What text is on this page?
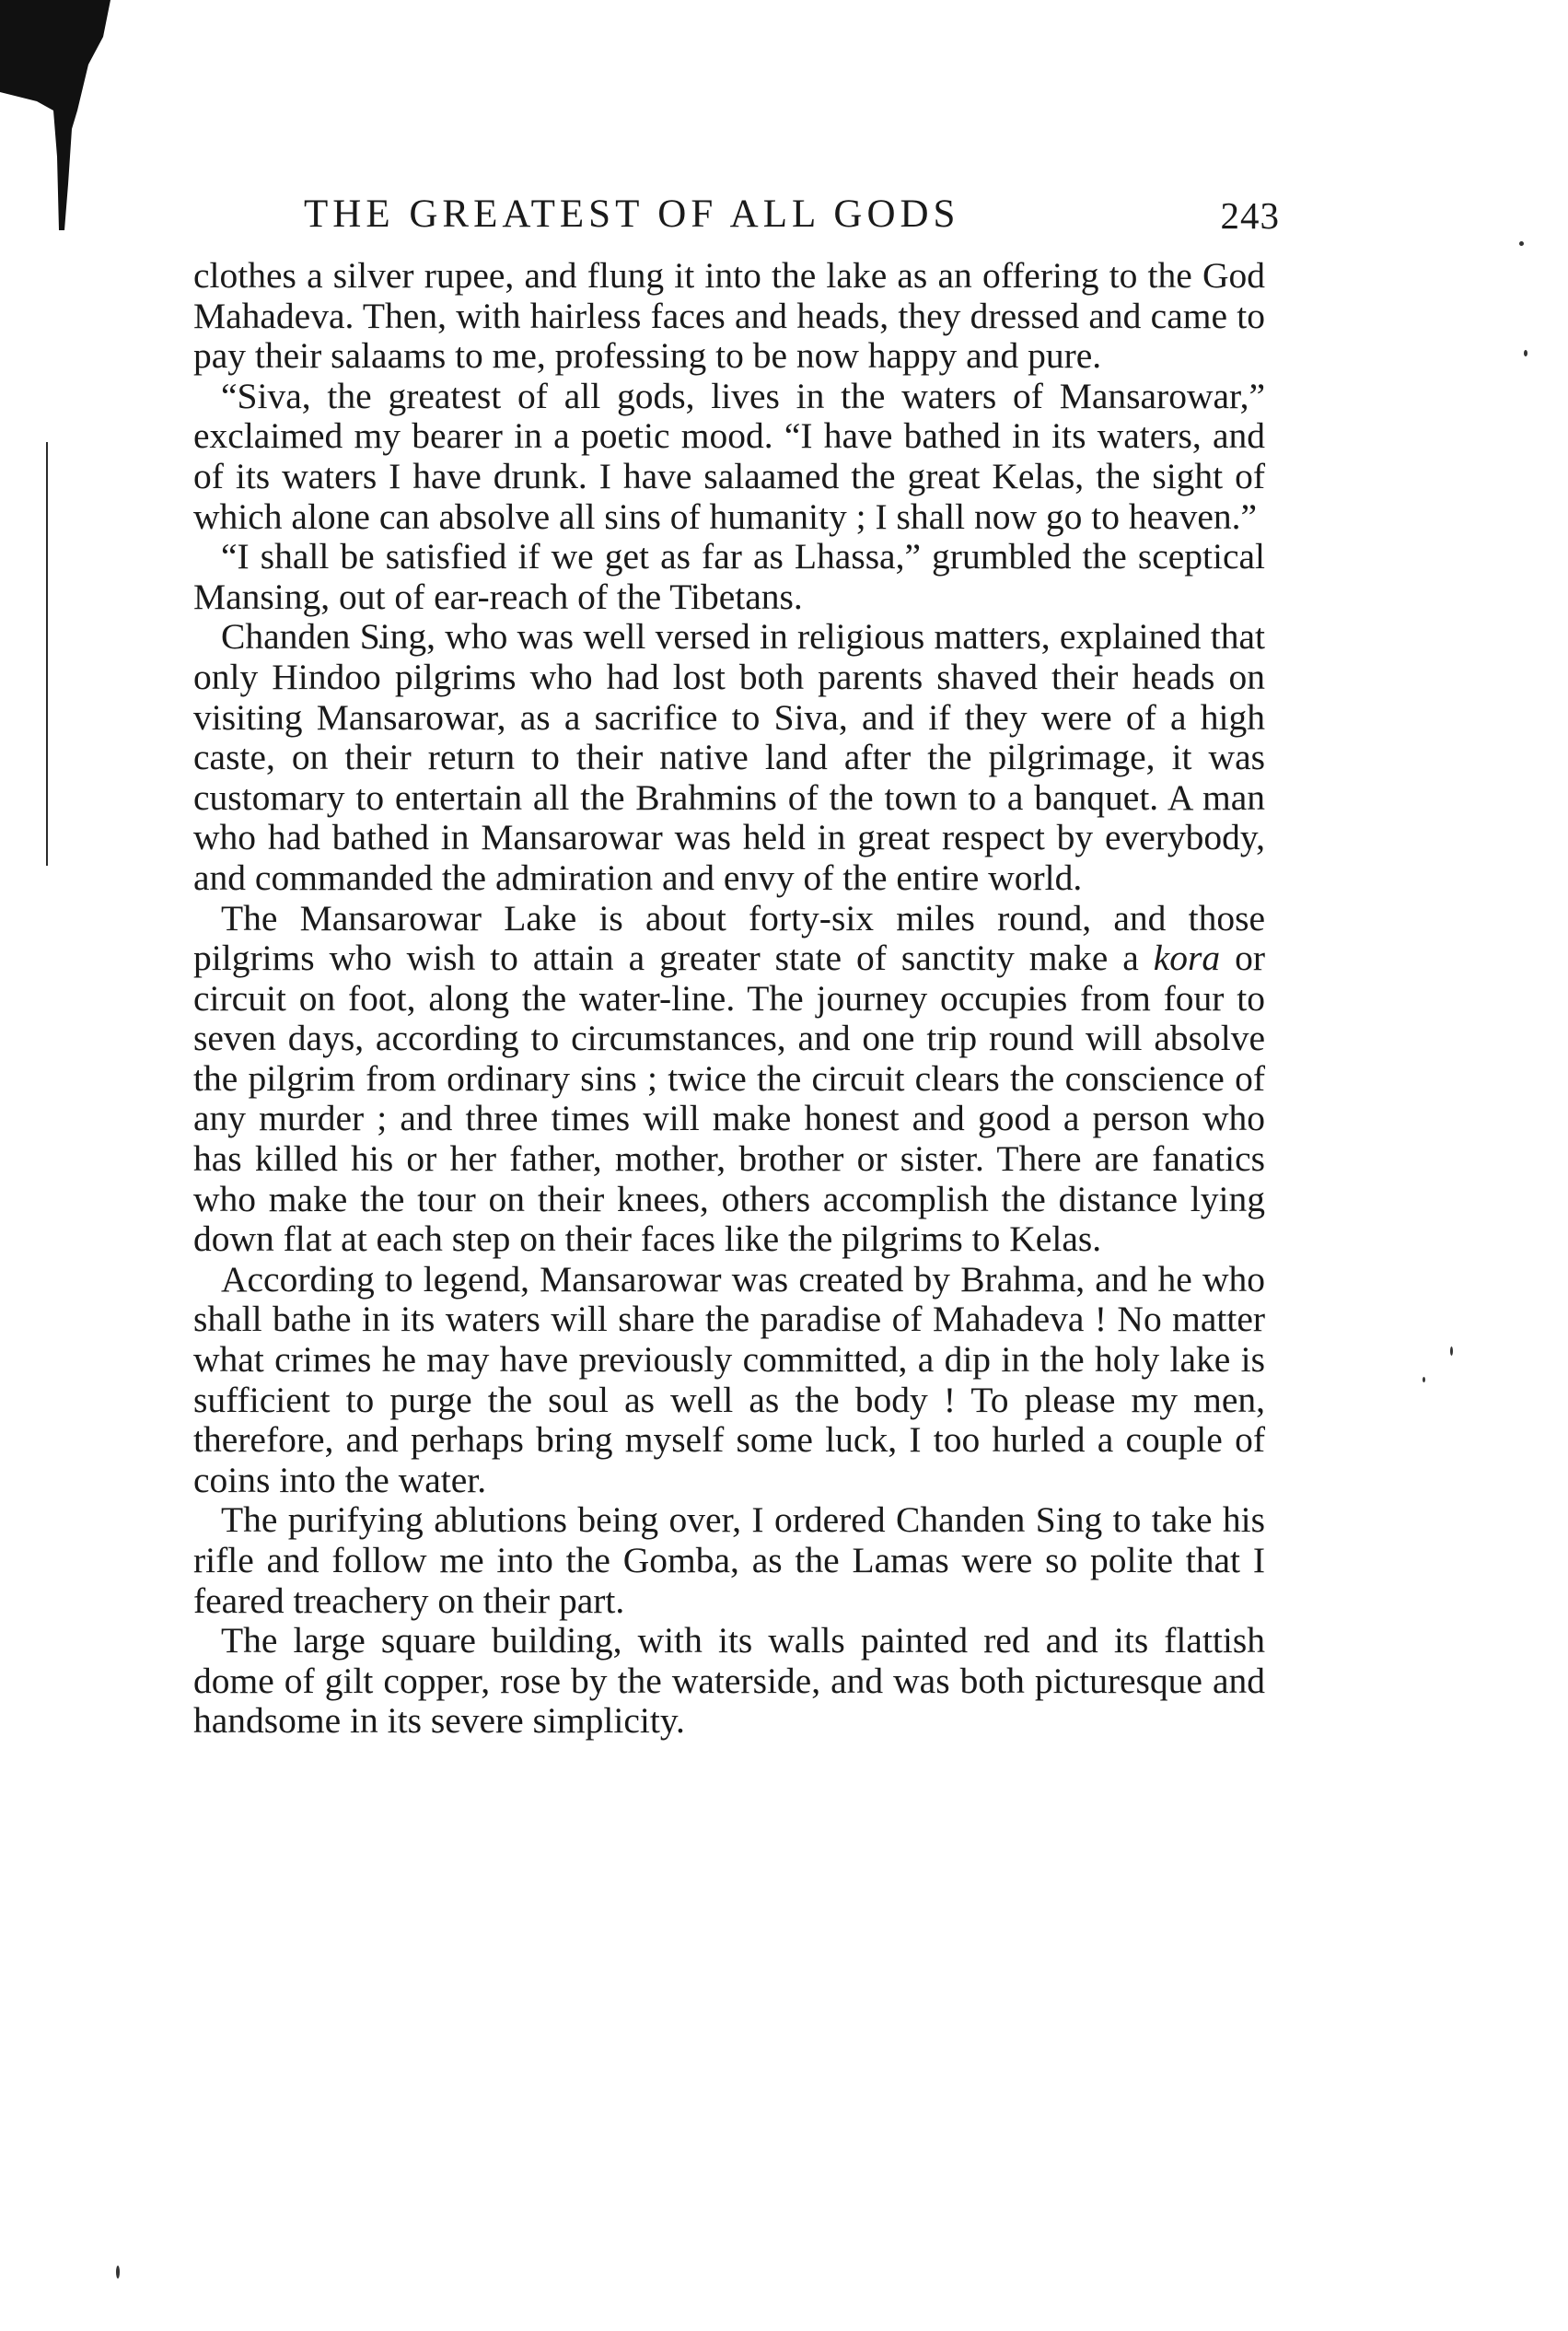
THE GREATEST OF ALL GODS	243

clothes a silver rupee, and flung it into the lake as an offering to the God Mahadeva. Then, with hairless faces and heads, they dressed and came to pay their salaams to me, professing to be now happy and pure.

“Siva, the greatest of all gods, lives in the waters of Mansarowar,” exclaimed my bearer in a poetic mood. “I have bathed in its waters, and of its waters I have drunk. I have salaamed the great Kelas, the sight of which alone can absolve all sins of humanity ; I shall now go to heaven.”

“I shall be satisfied if we get as far as Lhassa,” grumbled the sceptical Mansing, out of ear-reach of the Tibetans.

Chanden Sing, who was well versed in religious matters, explained that only Hindoo pilgrims who had lost both parents shaved their heads on visiting Mansarowar, as a sacrifice to Siva, and if they were of a high caste, on their return to their native land after the pilgrimage, it was customary to entertain all the Brahmins of the town to a banquet. A man who had bathed in Mansarowar was held in great respect by everybody, and commanded the admiration and envy of the entire world.

The Mansarowar Lake is about forty-six miles round, and those pilgrims who wish to attain a greater state of sanctity make a kora or circuit on foot, along the water-line. The journey occupies from four to seven days, according to circumstances, and one trip round will absolve the pilgrim from ordinary sins ; twice the circuit clears the conscience of any murder ; and three times will make honest and good a person who has killed his or her father, mother, brother or sister. There are fanatics who make the tour on their knees, others accomplish the distance lying down flat at each step on their faces like the pilgrims to Kelas.

According to legend, Mansarowar was created by Brahma, and he who shall bathe in its waters will share the paradise of Mahadeva ! No matter what crimes he may have previously committed, a dip in the holy lake is sufficient to purge the soul as well as the body ! To please my men, therefore, and perhaps bring myself some luck, I too hurled a couple of coins into the water.

The purifying ablutions being over, I ordered Chanden Sing to take his rifle and follow me into the Gomba, as the Lamas were so polite that I feared treachery on their part.

The large square building, with its walls painted red and its flattish dome of gilt copper, rose by the waterside, and was both picturesque and handsome in its severe simplicity.
